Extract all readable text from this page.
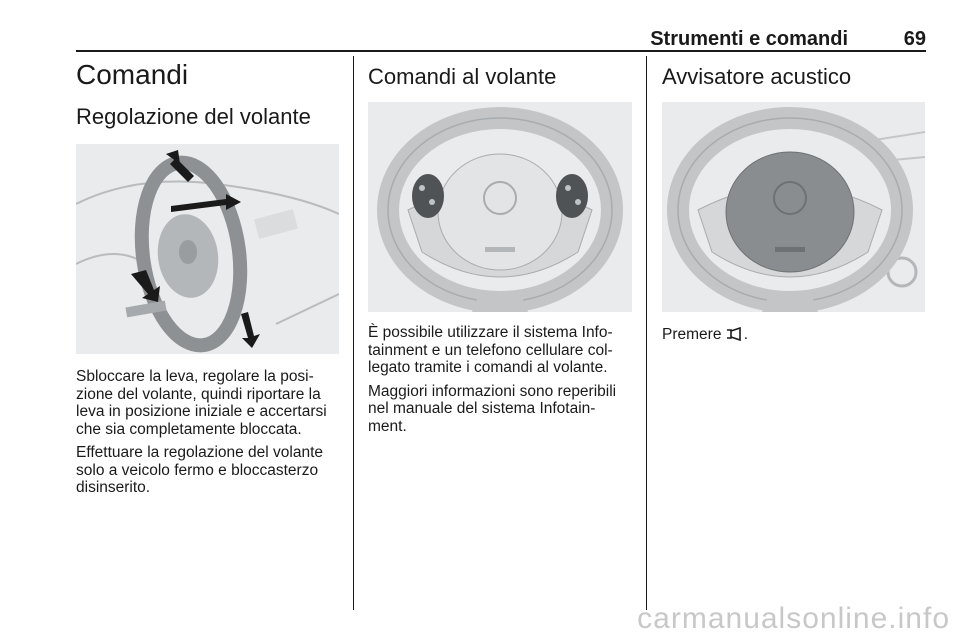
Strumenti e comandi	69
Comandi
Regolazione del volante

Sbloccare la leva, regolare la posi-
zione del volante, quindi riportare la
leva in posizione iniziale e accertarsi
che sia completamente bloccata.

Effettuare la regolazione del volante
solo a veicolo fermo e bloccasterzo
disinserito.

Comandi al volante

È possibile utilizzare il sistema Info-
tainment e un telefono cellulare col-
legato tramite i comandi al volante.

Maggiori informazioni sono reperibili
nel manuale del sistema Infotain-
ment.

Avvisatore acustico

Premere .

carmanualsonline.info
